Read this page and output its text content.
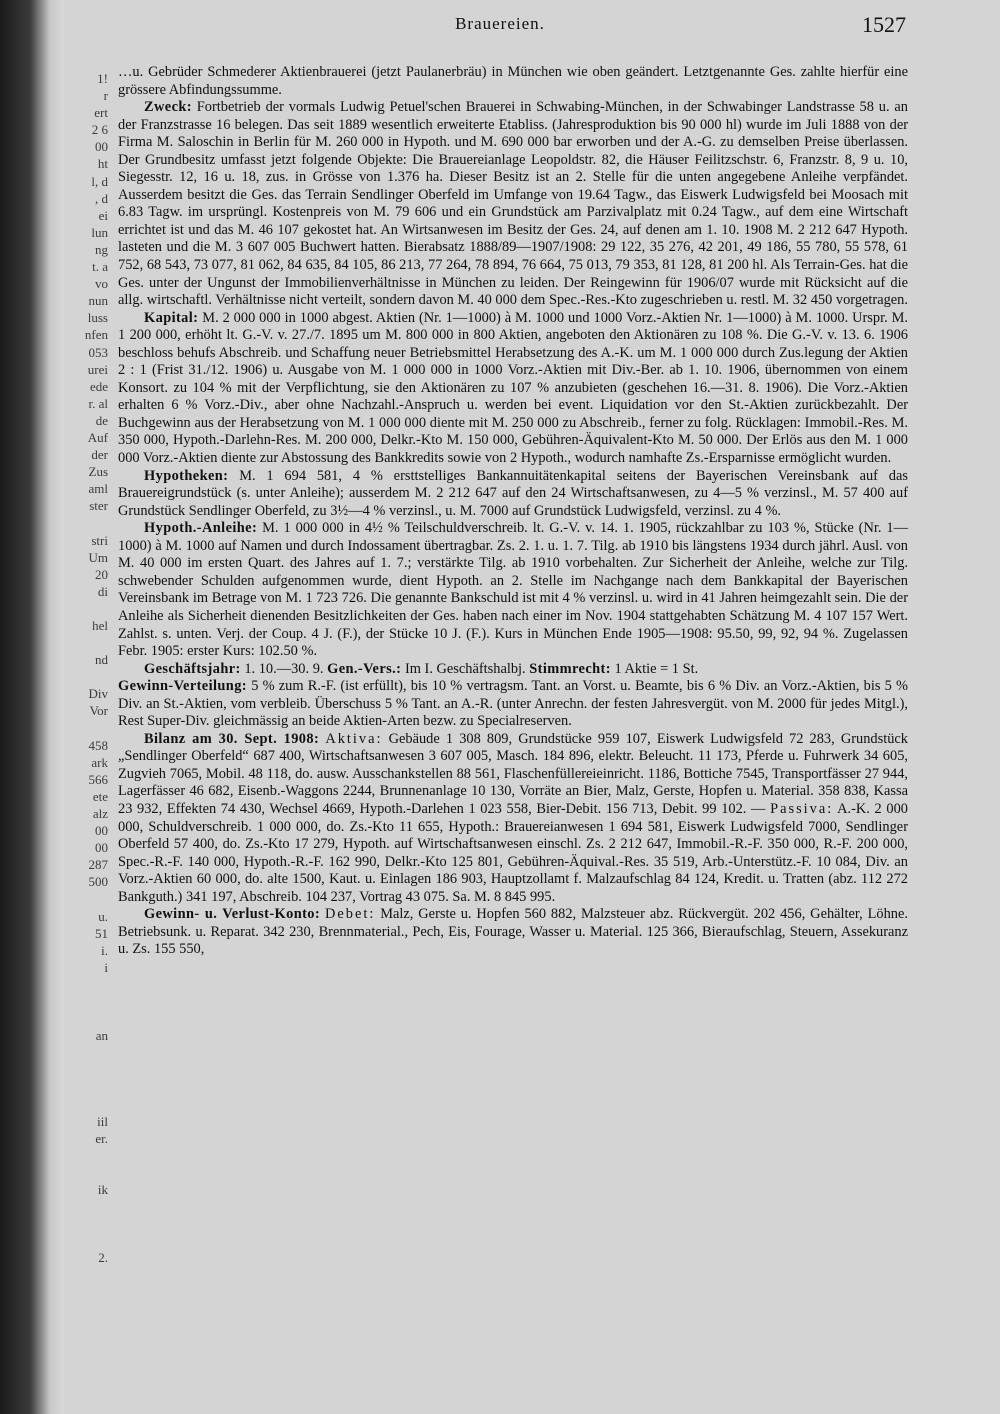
1!
r
ert
2 6
00
ht
l, d
, d
ei
lun
ng
t. a
vo
nun
luss
nfen
053
urei
ede
r. al
de
Auf
der
Zus
aml
ster
stri
Um
20
di
hel
nd
Div
Vor
458
ark
566
ete
alz
00
00
287
500
u.
51
i.
i
an
iil
er.
ik
2.
Brauereien.	1527

…u. Gebrüder Schmederer Aktienbrauerei (jetzt Paulanerbräu) in München wie oben geändert. Letztgenannte Ges. zahlte hierfür eine grössere Abfindungssumme.

Zweck: Fortbetrieb der vormals Ludwig Petuel'schen Brauerei in Schwabing-München, in der Schwabinger Landstrasse 58 u. an der Franzstrasse 16 belegen. Das seit 1889 wesentlich erweiterte Etabliss. (Jahresproduktion bis 90 000 hl) wurde im Juli 1888 von der Firma M. Saloschin in Berlin für M. 260 000 in Hypoth. und M. 690 000 bar erworben und der A.-G. zu demselben Preise überlassen. Der Grundbesitz umfasst jetzt folgende Objekte: Die Brauereianlage Leopoldstr. 82, die Häuser Feilitzschstr. 6, Franzstr. 8, 9 u. 10, Siegesstr. 12, 16 u. 18, zus. in Grösse von 1.376 ha. Dieser Besitz ist an 2. Stelle für die unten angegebene Anleihe verpfändet. Ausserdem besitzt die Ges. das Terrain Sendlinger Oberfeld im Umfange von 19.64 Tagw., das Eiswerk Ludwigsfeld bei Moosach mit 6.83 Tagw. im ursprüngl. Kostenpreis von M. 79 606 und ein Grundstück am Parzivalplatz mit 0.24 Tagw., auf dem eine Wirtschaft errichtet ist und das M. 46 107 gekostet hat. An Wirtsanwesen im Besitz der Ges. 24, auf denen am 1. 10. 1908 M. 2 212 647 Hypoth. lasteten und die M. 3 607 005 Buchwert hatten. Bierabsatz 1888/89—1907/1908: 29 122, 35 276, 42 201, 49 186, 55 780, 55 578, 61 752, 68 543, 73 077, 81 062, 84 635, 84 105, 86 213, 77 264, 78 894, 76 664, 75 013, 79 353, 81 128, 81 200 hl. Als Terrain-Ges. hat die Ges. unter der Ungunst der Immobilienverhältnisse in München zu leiden. Der Reingewinn für 1906/07 wurde mit Rücksicht auf die allg. wirtschaftl. Verhältnisse nicht verteilt, sondern davon M. 40 000 dem Spec.-Res.-Kto zugeschrieben u. restl. M. 32 450 vorgetragen.

Kapital: M. 2 000 000 in 1000 abgest. Aktien (Nr. 1—1000) à M. 1000 und 1000 Vorz.-Aktien Nr. 1—1000) à M. 1000. Urspr. M. 1 200 000, erhöht lt. G.-V. v. 27./7. 1895 um M. 800 000 in 800 Aktien, angeboten den Aktionären zu 108 %. Die G.-V. v. 13. 6. 1906 beschloss behufs Abschreib. und Schaffung neuer Betriebsmittel Herabsetzung des A.-K. um M. 1 000 000 durch Zus.legung der Aktien 2 : 1 (Frist 31./12. 1906) u. Ausgabe von M. 1 000 000 in 1000 Vorz.-Aktien mit Div.-Ber. ab 1. 10. 1906, übernommen von einem Konsort. zu 104 % mit der Verpflichtung, sie den Aktionären zu 107 % anzubieten (geschehen 16.—31. 8. 1906). Die Vorz.-Aktien erhalten 6 % Vorz.-Div., aber ohne Nachzahl.-Anspruch u. werden bei event. Liquidation vor den St.-Aktien zurückbezahlt. Der Buchgewinn aus der Herabsetzung von M. 1 000 000 diente mit M. 250 000 zu Abschreib., ferner zu folg. Rücklagen: Immobil.-Res. M. 350 000, Hypoth.-Darlehn-Res. M. 200 000, Delkr.-Kto M. 150 000, Gebühren-Äquivalent-Kto M. 50 000. Der Erlös aus den M. 1 000 000 Vorz.-Aktien diente zur Abstossung des Bankkredits sowie von 2 Hypoth., wodurch namhafte Zs.-Ersparnisse ermöglicht wurden.

Hypotheken: M. 1 694 581, 4 % ersttstelliges Bankannuitätenkapital seitens der Bayerischen Vereinsbank auf das Brauereigrundstück (s. unter Anleihe); ausserdem M. 2 212 647 auf den 24 Wirtschaftsanwesen, zu 4—5 % verzinsl., M. 57 400 auf Grundstück Sendlinger Oberfeld, zu 3½—4 % verzinsl., u. M. 7000 auf Grundstück Ludwigsfeld, verzinsl. zu 4 %.

Hypoth.-Anleihe: M. 1 000 000 in 4½ % Teilschuldverschreib. lt. G.-V. v. 14. 1. 1905, rückzahlbar zu 103 %, Stücke (Nr. 1—1000) à M. 1000 auf Namen und durch Indossament übertragbar. Zs. 2. 1. u. 1. 7. Tilg. ab 1910 bis längstens 1934 durch jährl. Ausl. von M. 40 000 im ersten Quart. des Jahres auf 1. 7.; verstärkte Tilg. ab 1910 vorbehalten. Zur Sicherheit der Anleihe, welche zur Tilg. schwebender Schulden aufgenommen wurde, dient Hypoth. an 2. Stelle im Nachgange nach dem Bankkapital der Bayerischen Vereinsbank im Betrage von M. 1 723 726. Die genannte Bankschuld ist mit 4 % verzinsl. u. wird in 41 Jahren heimgezahlt sein. Die der Anleihe als Sicherheit dienenden Besitzlichkeiten der Ges. haben nach einer im Nov. 1904 stattgehabten Schätzung M. 4 107 157 Wert. Zahlst. s. unten. Verj. der Coup. 4 J. (F.), der Stücke 10 J. (F.). Kurs in München Ende 1905—1908: 95.50, 99, 92, 94 %. Zugelassen Febr. 1905: erster Kurs: 102.50 %.

Geschäftsjahr: 1. 10.—30. 9. Gen.-Vers.: Im I. Geschäftshalbj. Stimmrecht: 1 Aktie = 1 St.

Gewinn-Verteilung: 5 % zum R.-F. (ist erfüllt), bis 10 % vertragsm. Tant. an Vorst. u. Beamte, bis 6 % Div. an Vorz.-Aktien, bis 5 % Div. an St.-Aktien, vom verbleib. Überschuss 5 % Tant. an A.-R. (unter Anrechn. der festen Jahresvergüt. von M. 2000 für jedes Mitgl.), Rest Super-Div. gleichmässig an beide Aktien-Arten bezw. zu Specialreserven.

Bilanz am 30. Sept. 1908: Aktiva: Gebäude 1 308 809, Grundstücke 959 107, Eiswerk Ludwigsfeld 72 283, Grundstück „Sendlinger Oberfeld“ 687 400, Wirtschaftsanwesen 3 607 005, Masch. 184 896, elektr. Beleucht. 11 173, Pferde u. Fuhrwerk 34 605, Zugvieh 7065, Mobil. 48 118, do. ausw. Ausschankstellen 88 561, Flaschenfüllereieinricht. 1186, Bottiche 7545, Transportfässer 27 944, Lagerfässer 46 682, Eisenb.-Waggons 2244, Brunnenanlage 10 130, Vorräte an Bier, Malz, Gerste, Hopfen u. Material. 358 838, Kassa 23 932, Effekten 74 430, Wechsel 4669, Hypoth.-Darlehen 1 023 558, Bier-Debit. 156 713, Debit. 99 102. — Passiva: A.-K. 2 000 000, Schuldverschreib. 1 000 000, do. Zs.-Kto 11 655, Hypoth.: Brauereianwesen 1 694 581, Eiswerk Ludwigsfeld 7000, Sendlinger Oberfeld 57 400, do. Zs.-Kto 17 279, Hypoth. auf Wirtschaftsanwesen einschl. Zs. 2 212 647, Immobil.-R.-F. 350 000, R.-F. 200 000, Spec.-R.-F. 140 000, Hypoth.-R.-F. 162 990, Delkr.-Kto 125 801, Gebühren-Äquival.-Res. 35 519, Arb.-Unterstütz.-F. 10 084, Div. an Vorz.-Aktien 60 000, do. alte 1500, Kaut. u. Einlagen 186 903, Hauptzollamt f. Malzaufschlag 84 124, Kredit. u. Tratten (abz. 112 272 Bankguth.) 341 197, Abschreib. 104 237, Vortrag 43 075. Sa. M. 8 845 995.

Gewinn- u. Verlust-Konto: Debet: Malz, Gerste u. Hopfen 560 882, Malzsteuer abz. Rückvergüt. 202 456, Gehälter, Löhne. Betriebsunk. u. Reparat. 342 230, Brennmaterial., Pech, Eis, Fourage, Wasser u. Material. 125 366, Bieraufschlag, Steuern, Assekuranz u. Zs. 155 550,
